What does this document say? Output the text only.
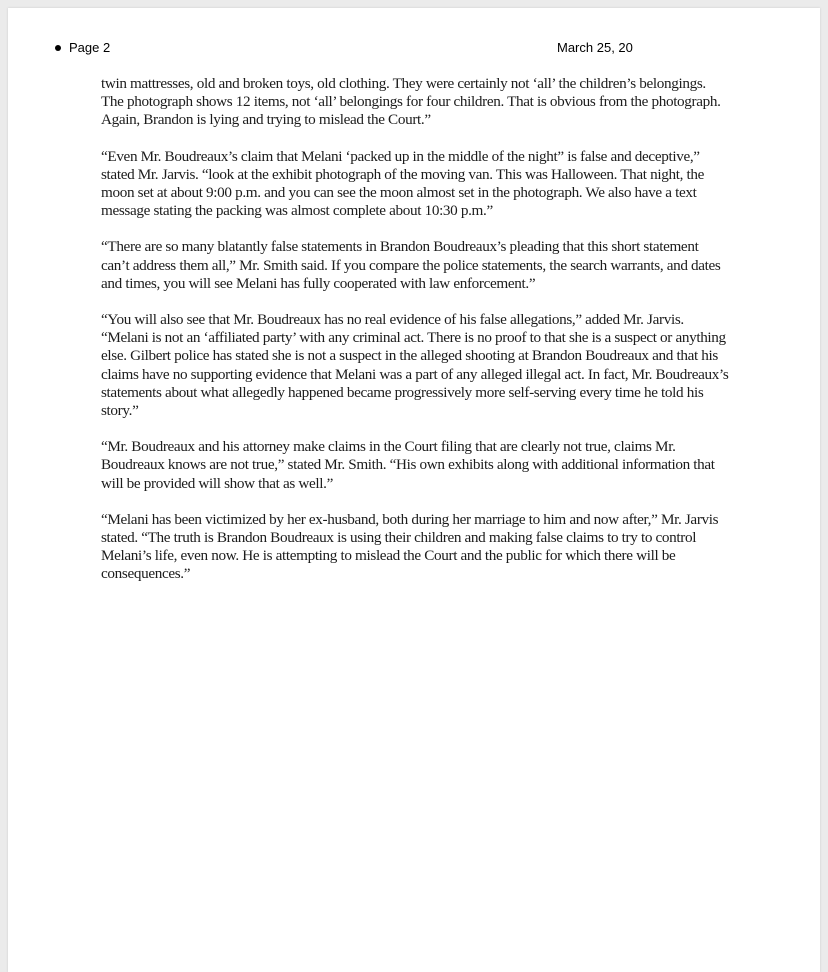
Page 2	March 25, 20

twin mattresses, old and broken toys, old clothing. They were certainly not ‘all’ the children’s belongings. The photograph shows 12 items, not ‘all’ belongings for four children. That is obvious from the photograph. Again, Brandon is lying and trying to mislead the Court.”

“Even Mr. Boudreaux’s claim that Melani ‘packed up in the middle of the night” is false and deceptive,” stated Mr. Jarvis. “look at the exhibit photograph of the moving van. This was Halloween. That night, the moon set at about 9:00 p.m. and you can see the moon almost set in the photograph. We also have a text message stating the packing was almost complete about 10:30 p.m.”

“There are so many blatantly false statements in Brandon Boudreaux’s pleading that this short statement can’t address them all,” Mr. Smith said. If you compare the police statements, the search warrants, and dates and times, you will see Melani has fully cooperated with law enforcement.”

“You will also see that Mr. Boudreaux has no real evidence of his false allegations,” added Mr. Jarvis. “Melani is not an ‘affiliated party’ with any criminal act. There is no proof to that she is a suspect or anything else. Gilbert police has stated she is not a suspect in the alleged shooting at Brandon Boudreaux and that his claims have no supporting evidence that Melani was a part of any alleged illegal act. In fact, Mr. Boudreaux’s statements about what allegedly happened became progressively more self-serving every time he told his story.”

“Mr. Boudreaux and his attorney make claims in the Court filing that are clearly not true, claims Mr. Boudreaux knows are not true,” stated Mr. Smith. “His own exhibits along with additional information that will be provided will show that as well.”

“Melani has been victimized by her ex-husband, both during her marriage to him and now after,” Mr. Jarvis stated. “The truth is Brandon Boudreaux is using their children and making false claims to try to control Melani’s life, even now. He is attempting to mislead the Court and the public for which there will be consequences.”
